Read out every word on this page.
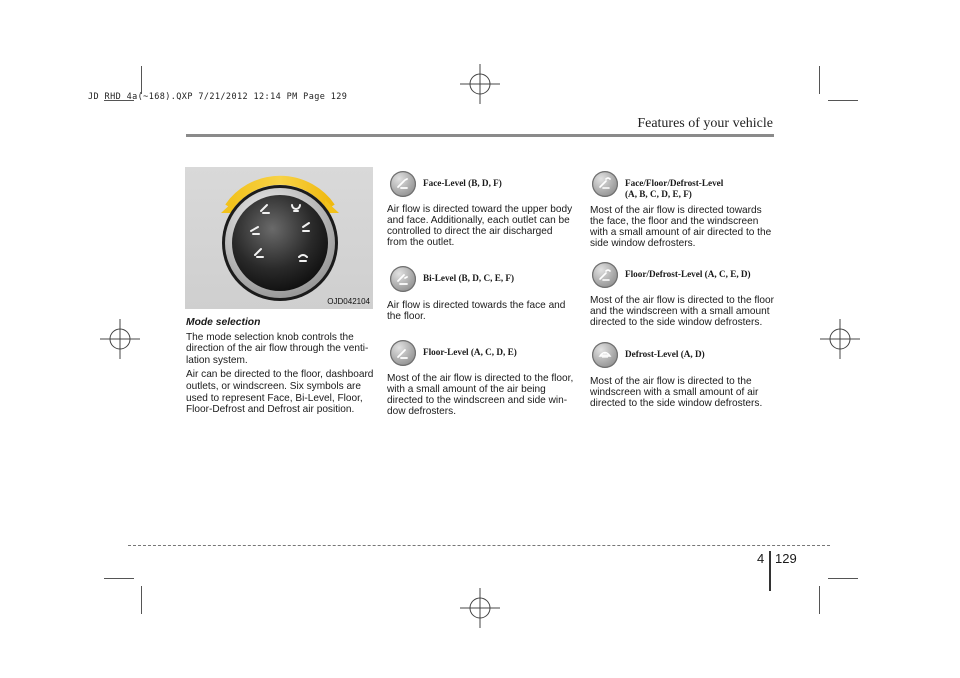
JD RHD 4a(~168).QXP 7/21/2012 12:14 PM Page 129
Features of your vehicle
OJD042104

Mode selection

The mode selection knob controls the direction of the air flow through the venti-lation system.

Air can be directed to the floor, dashboard outlets, or windscreen. Six symbols are used to represent Face, Bi-Level, Floor, Floor-Defrost and Defrost air position.

Face-Level (B, D, F)
Air flow is directed toward the upper body and face. Additionally, each outlet can be controlled to direct the air discharged from the outlet.
Bi-Level (B, D, C, E, F)
Air flow is directed towards the face and the floor.
Floor-Level (A, C, D, E)
Most of the air flow is directed to the floor, with a small amount of the air being directed to the windscreen and side win-dow defrosters.
Face/Floor/Defrost-Level
(A, B, C, D, E, F)
Most of the air flow is directed towards the face, the floor and the windscreen with a small amount of air directed to the side window defrosters.
Floor/Defrost-Level (A, C, E, D)
Most of the air flow is directed to the floor and the windscreen with a small amount directed to the side window defrosters.
Defrost-Level (A, D)
Most of the air flow is directed to the windscreen with a small amount of air directed to the side window defrosters.
4 129
